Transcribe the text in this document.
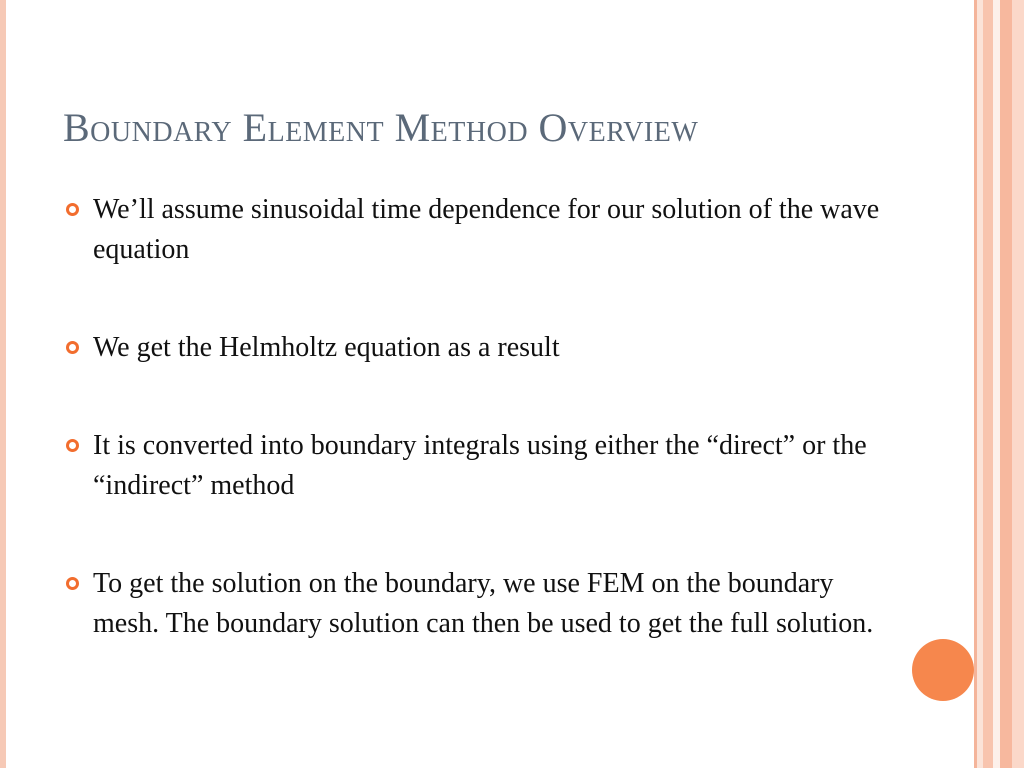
Boundary Element Method Overview
We’ll assume sinusoidal time dependence for our solution of the wave equation
We get the Helmholtz equation as a result
It is converted into boundary integrals using either the “direct” or the “indirect” method
To get the solution on the boundary, we use FEM on the boundary mesh. The boundary solution can then be used to get the full solution.
